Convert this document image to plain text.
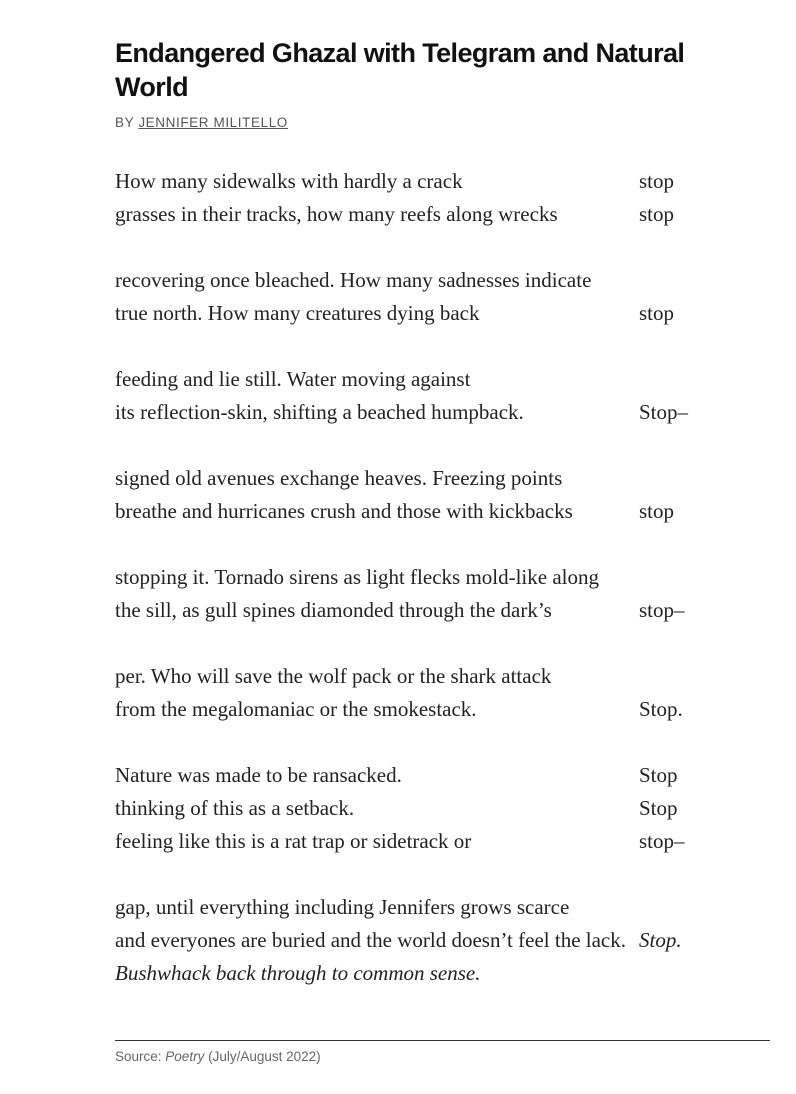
Endangered Ghazal with Telegram and Natural World
BY JENNIFER MILITELLO
How many sidewalks with hardly a crack	stop
grasses in their tracks, how many reefs along wrecks	stop
recovering once bleached. How many sadnesses indicate
true north. How many creatures dying back	stop
feeding and lie still. Water moving against
its reflection-skin, shifting a beached humpback.	Stop–
signed old avenues exchange heaves. Freezing points
breathe and hurricanes crush and those with kickbacks	stop
stopping it. Tornado sirens as light flecks mold-like along
the sill, as gull spines diamonded through the dark’s	stop–
per. Who will save the wolf pack or the shark attack
from the megalomaniac or the smokestack.	Stop.
Nature was made to be ransacked.	Stop
thinking of this as a setback.	Stop
feeling like this is a rat trap or sidetrack or	stop–
gap, until everything including Jennifers grows scarce
and everyones are buried and the world doesn’t feel the lack. Stop.
Bushwhack back through to common sense.
Source: Poetry (July/August 2022)
